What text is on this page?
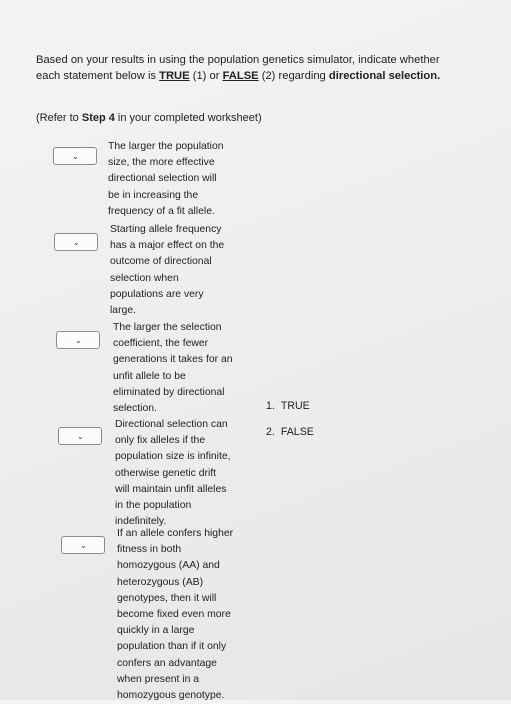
Based on your results in using the population genetics simulator, indicate whether each statement below is TRUE (1) or FALSE (2) regarding directional selection.
(Refer to Step 4 in your completed worksheet)
⌄
The larger the population
size, the more effective
directional selection will
be in increasing the
frequency of a fit allele.
⌄
Starting allele frequency
has a major effect on the
outcome of directional
selection when
populations are very
large.
⌄
The larger the selection
coefficient, the fewer
generations it takes for an
unfit allele to be
eliminated by directional
selection.
⌄
Directional selection can
only fix alleles if the
population size is infinite,
otherwise genetic drift
will maintain unfit alleles
in the population
indefinitely.
⌄
If an allele confers higher
fitness in both
homozygous (AA) and
heterozygous (AB)
genotypes, then it will
become fixed even more
quickly in a large
population than if it only
confers an advantage
when present in a
homozygous genotype.
1. TRUE
2. FALSE
